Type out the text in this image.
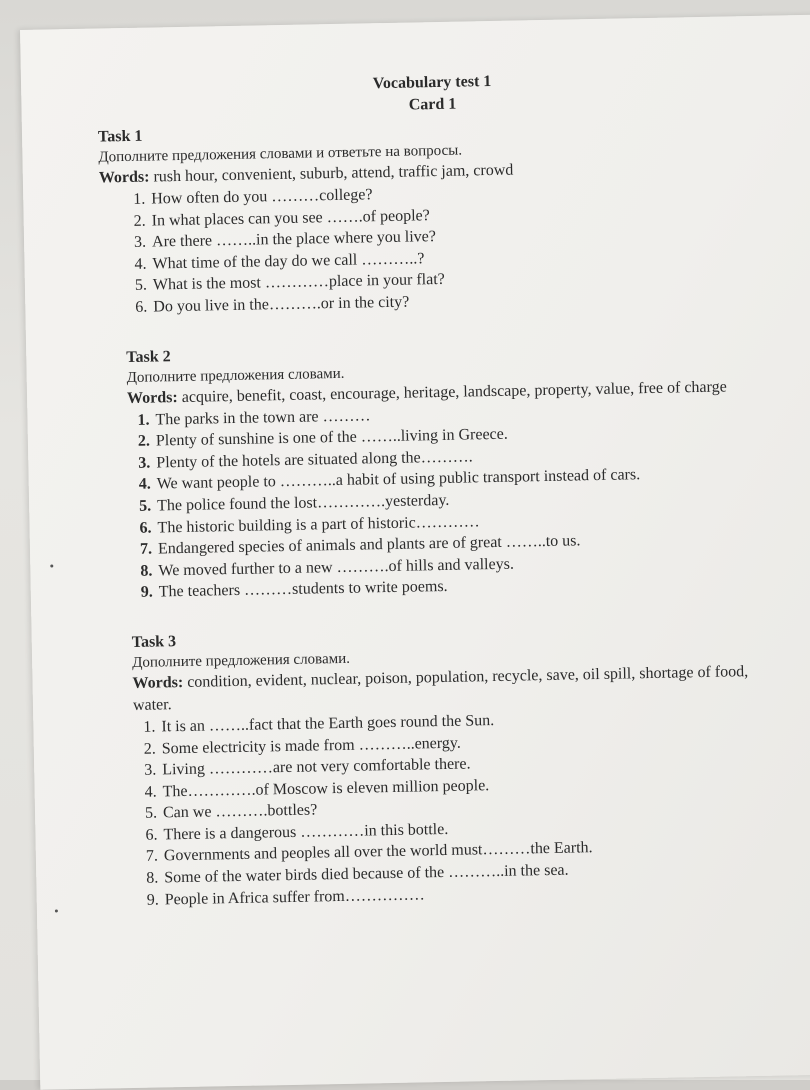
Vocabulary test 1
Card 1
Task 1
Дополните предложения словами и ответьте на вопросы.
Words: rush hour, convenient, suburb, attend, traffic jam, crowd
1. How often do you ………college?
2. In what places can you see …….of people?
3. Are there ……..in the place where you live?
4. What time of the day do we call ………..?
5. What is the most …………place in your flat?
6. Do you live in the……….or in the city?
Task 2
Дополните предложения словами.
Words: acquire, benefit, coast, encourage, heritage, landscape, property, value, free of charge
1. The parks in the town are ………
2. Plenty of sunshine is one of the ……..living in Greece.
3. Plenty of the hotels are situated along the……….
4. We want people to ………..a habit of using public transport instead of cars.
5. The police found the lost………….yesterday.
6. The historic building is a part of historic…………
7. Endangered species of animals and plants are of great ……..to us.
8. We moved further to a new ……….of hills and valleys.
9. The teachers ………students to write poems.
Task 3
Дополните предложения словами.
Words: condition, evident, nuclear, poison, population, recycle, save, oil spill, shortage of food, water.
1. It is an ……..fact that the Earth goes round the Sun.
2. Some electricity is made from ………..energy.
3. Living …………are not very comfortable there.
4. The………….of Moscow is eleven million people.
5. Can we ……….bottles?
6. There is a dangerous …………in this bottle.
7. Governments and peoples all over the world must………the Earth.
8. Some of the water birds died because of the ………..in the sea.
9. People in Africa suffer from……………
